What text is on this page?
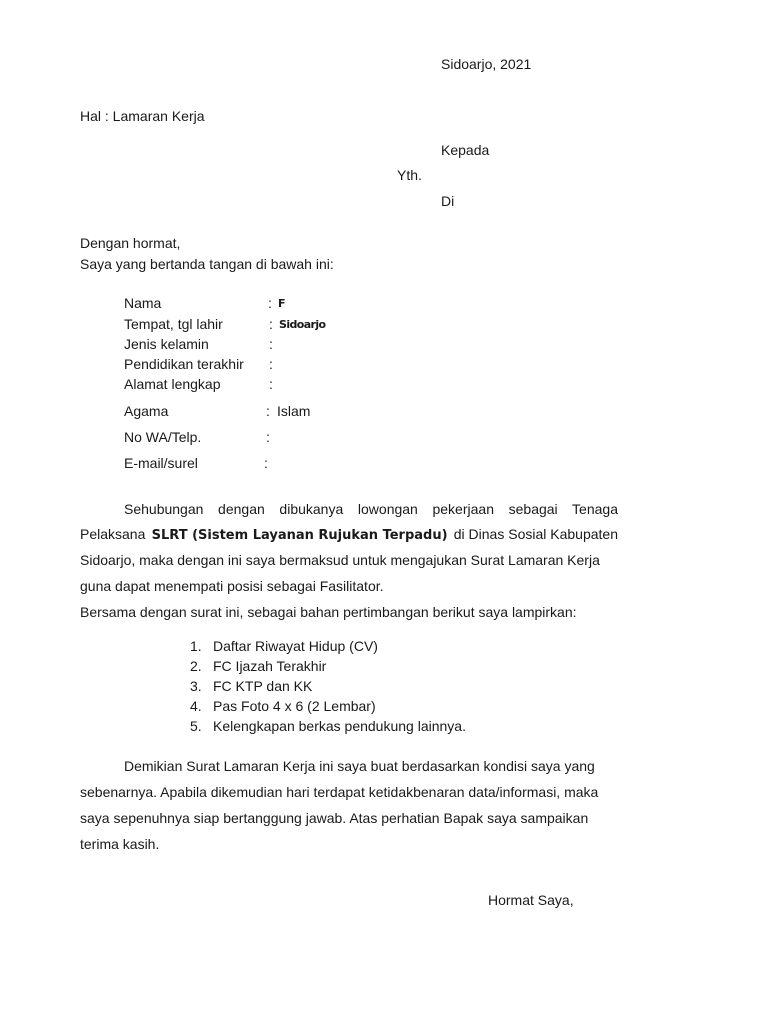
Sidoarjo, 2021
Hal : Lamaran Kerja
Kepada
Yth.
Di
Dengan hormat,
Saya yang bertanda tangan di bawah ini:
Nama	: F
Tempat, tgl lahir	: Sidoarjo
Jenis kelamin	:
Pendidikan terakhir :
Alamat lengkap	:
Agama	: Islam
No WA/Telp.	:
E-mail/surel	:
Sehubungan dengan dibukanya lowongan pekerjaan sebagai Tenaga
Pelaksana SLRT (Sistem Layanan Rujukan Terpadu) di Dinas Sosial Kabupaten
Sidoarjo, maka dengan ini saya bermaksud untuk mengajukan Surat Lamaran Kerja
guna dapat menempati posisi sebagai Fasilitator.
Bersama dengan surat ini, sebagai bahan pertimbangan berikut saya lampirkan:
1. Daftar Riwayat Hidup (CV)
2. FC Ijazah Terakhir
3. FC KTP dan KK
4. Pas Foto 4 x 6 (2 Lembar)
5. Kelengkapan berkas pendukung lainnya.
Demikian Surat Lamaran Kerja ini saya buat berdasarkan kondisi saya yang
sebenarnya. Apabila dikemudian hari terdapat ketidakbenaran data/informasi, maka
saya sepenuhnya siap bertanggung jawab. Atas perhatian Bapak saya sampaikan
terima kasih.
Hormat Saya,
